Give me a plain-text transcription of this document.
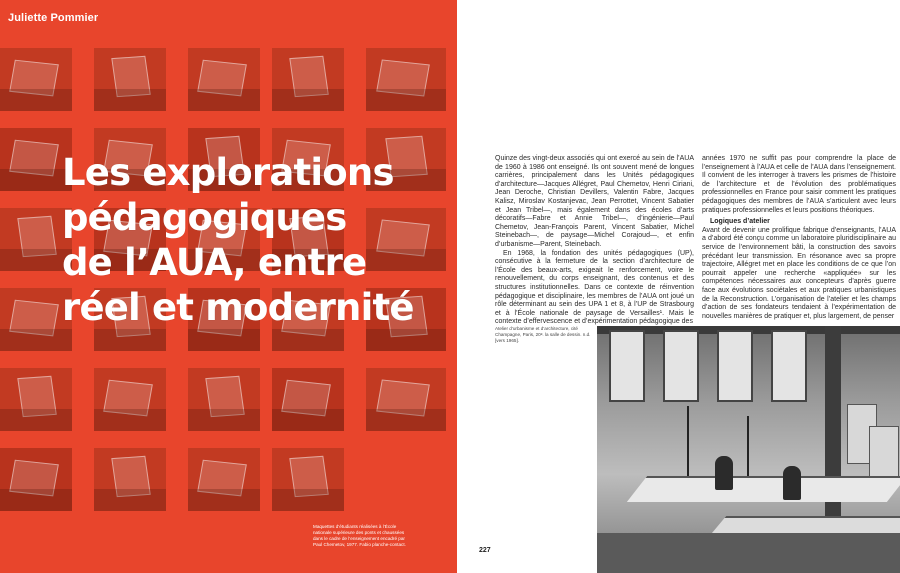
Juliette Pommier
Les explorations
pédagogiques
de l’AUA, entre
réel et modernité
Maquettes d’étudiants réalisées à l’École nationale supérieure des ponts et chaussées dans le cadre de l’enseignement encadré par Paul Chemetov, 1977. Fabio planche-contact.

Quinze des vingt-deux associés qui ont exercé au sein de l’AUA de 1960 à 1986 ont enseigné. Ils ont souvent mené de longues carrières, principalement dans les Unités pédagogiques d’architecture—Jacques Allégret, Paul Chemetov, Henri Ciriani, Jean Deroche, Christian Devillers, Valentin Fabre, Jacques Kalisz, Miroslav Kostanjevac, Jean Perrottet, Vincent Sabatier et Jean Tribel—, mais également dans des écoles d’arts décoratifs—Fabre et Annie Tribel—, d’ingénierie—Paul Chemetov, Jean-François Parent, Vincent Sabatier, Michel Steinebach—, de paysage—Michel Corajoud—, et enfin d’urbanisme—Parent, Steinebach.

En 1968, la fondation des unités pédagogiques (UP), consécutive à la fermeture de la section d’architecture de l’École des beaux-arts, exigeait le renforcement, voire le renouvellement, du corps enseignant, des contenus et des structures institutionnelles. Dans ce contexte de réinvention pédagogique et disciplinaire, les membres de l’AUA ont joué un rôle déterminant au sein des UPA 1 et 8, à l’UP de Strasbourg et à l’École nationale de paysage de Versailles¹. Mais le contexte d’effervescence et d’expérimentation pédagogique des

années 1970 ne suffit pas pour comprendre la place de l’enseignement à l’AUA et celle de l’AUA dans l’enseignement. Il convient de les interroger à travers les prismes de l’histoire de l’architecture et de l’évolution des problématiques professionnelles en France pour saisir comment les pratiques pédagogiques des membres de l’AUA s’articulent avec leurs pratiques professionnelles et leurs positions théoriques.

Logiques d’atelier

Avant de devenir une prolifique fabrique d’enseignants, l’AUA a d’abord été conçu comme un laboratoire pluridisciplinaire au service de l’environnement bâti, la construction des savoirs précédant leur transmission. En résonance avec sa propre trajectoire, Allégret met en place les conditions de ce que l’on pourrait appeler une recherche «appliquée» sur les compétences nécessaires aux concepteurs d’après guerre face aux évolutions sociétales et aux pratiques urbanistiques de la Reconstruction. L’organisation de l’atelier et les champs d’action de ses fondateurs tendaient à l’expérimentation de nouvelles manières de pratiquer et, plus largement, de penser

Atelier d’urbanisme et d’architecture, cité Champagne, Paris, 20ᵉ. la salle de dessin. n.d. [vers 1965].
227
